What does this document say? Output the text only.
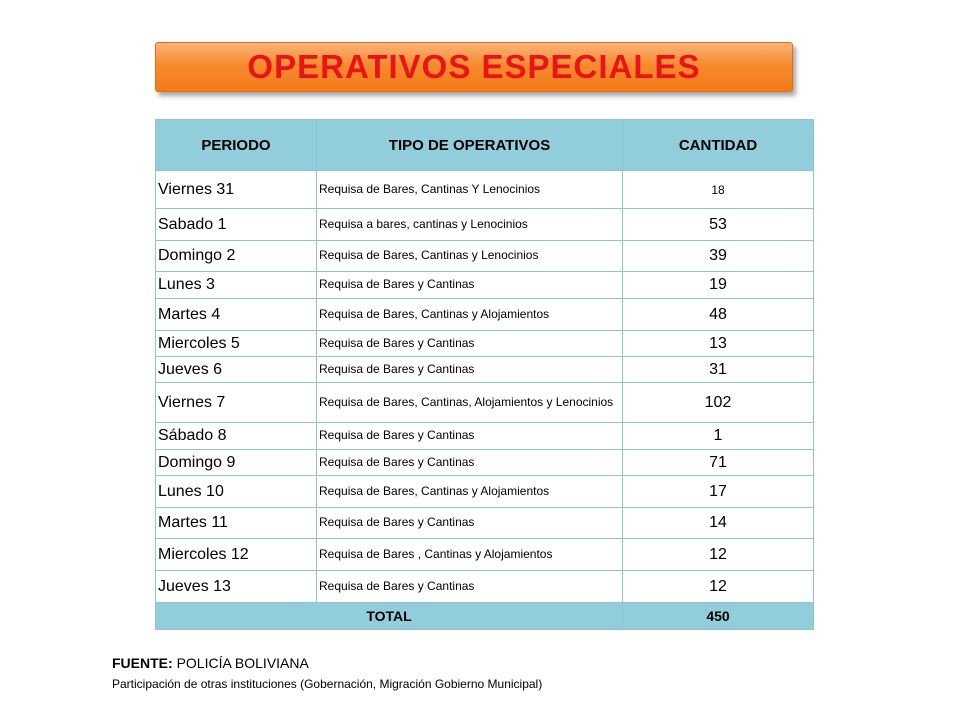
OPERATIVOS ESPECIALES
PERIODO	TIPO DE OPERATIVOS	CANTIDAD
Viernes 31	Requisa de Bares, Cantinas Y Lenocinios	18
Sabado 1	Requisa a bares, cantinas y Lenocinios	53
Domingo 2	Requisa de Bares, Cantinas y Lenocinios	39
Lunes 3	Requisa de Bares y Cantinas	19
Martes 4	Requisa de Bares, Cantinas y Alojamientos	48
Miercoles 5	Requisa de Bares y Cantinas	13
Jueves 6	Requisa de Bares y Cantinas	31
Viernes 7	Requisa de Bares, Cantinas, Alojamientos y Lenocinios	102
Sábado 8	Requisa de Bares y Cantinas	1
Domingo 9	Requisa de Bares y Cantinas	71
Lunes 10	Requisa de Bares, Cantinas y Alojamientos	17
Martes 11	Requisa de Bares y Cantinas	14
Miercoles 12	Requisa de Bares , Cantinas y Alojamientos	12
Jueves 13	Requisa de Bares y Cantinas	12
TOTAL		450
FUENTE: POLICÍA BOLIVIANA
Participación de otras instituciones (Gobernación, Migración Gobierno Municipal)
